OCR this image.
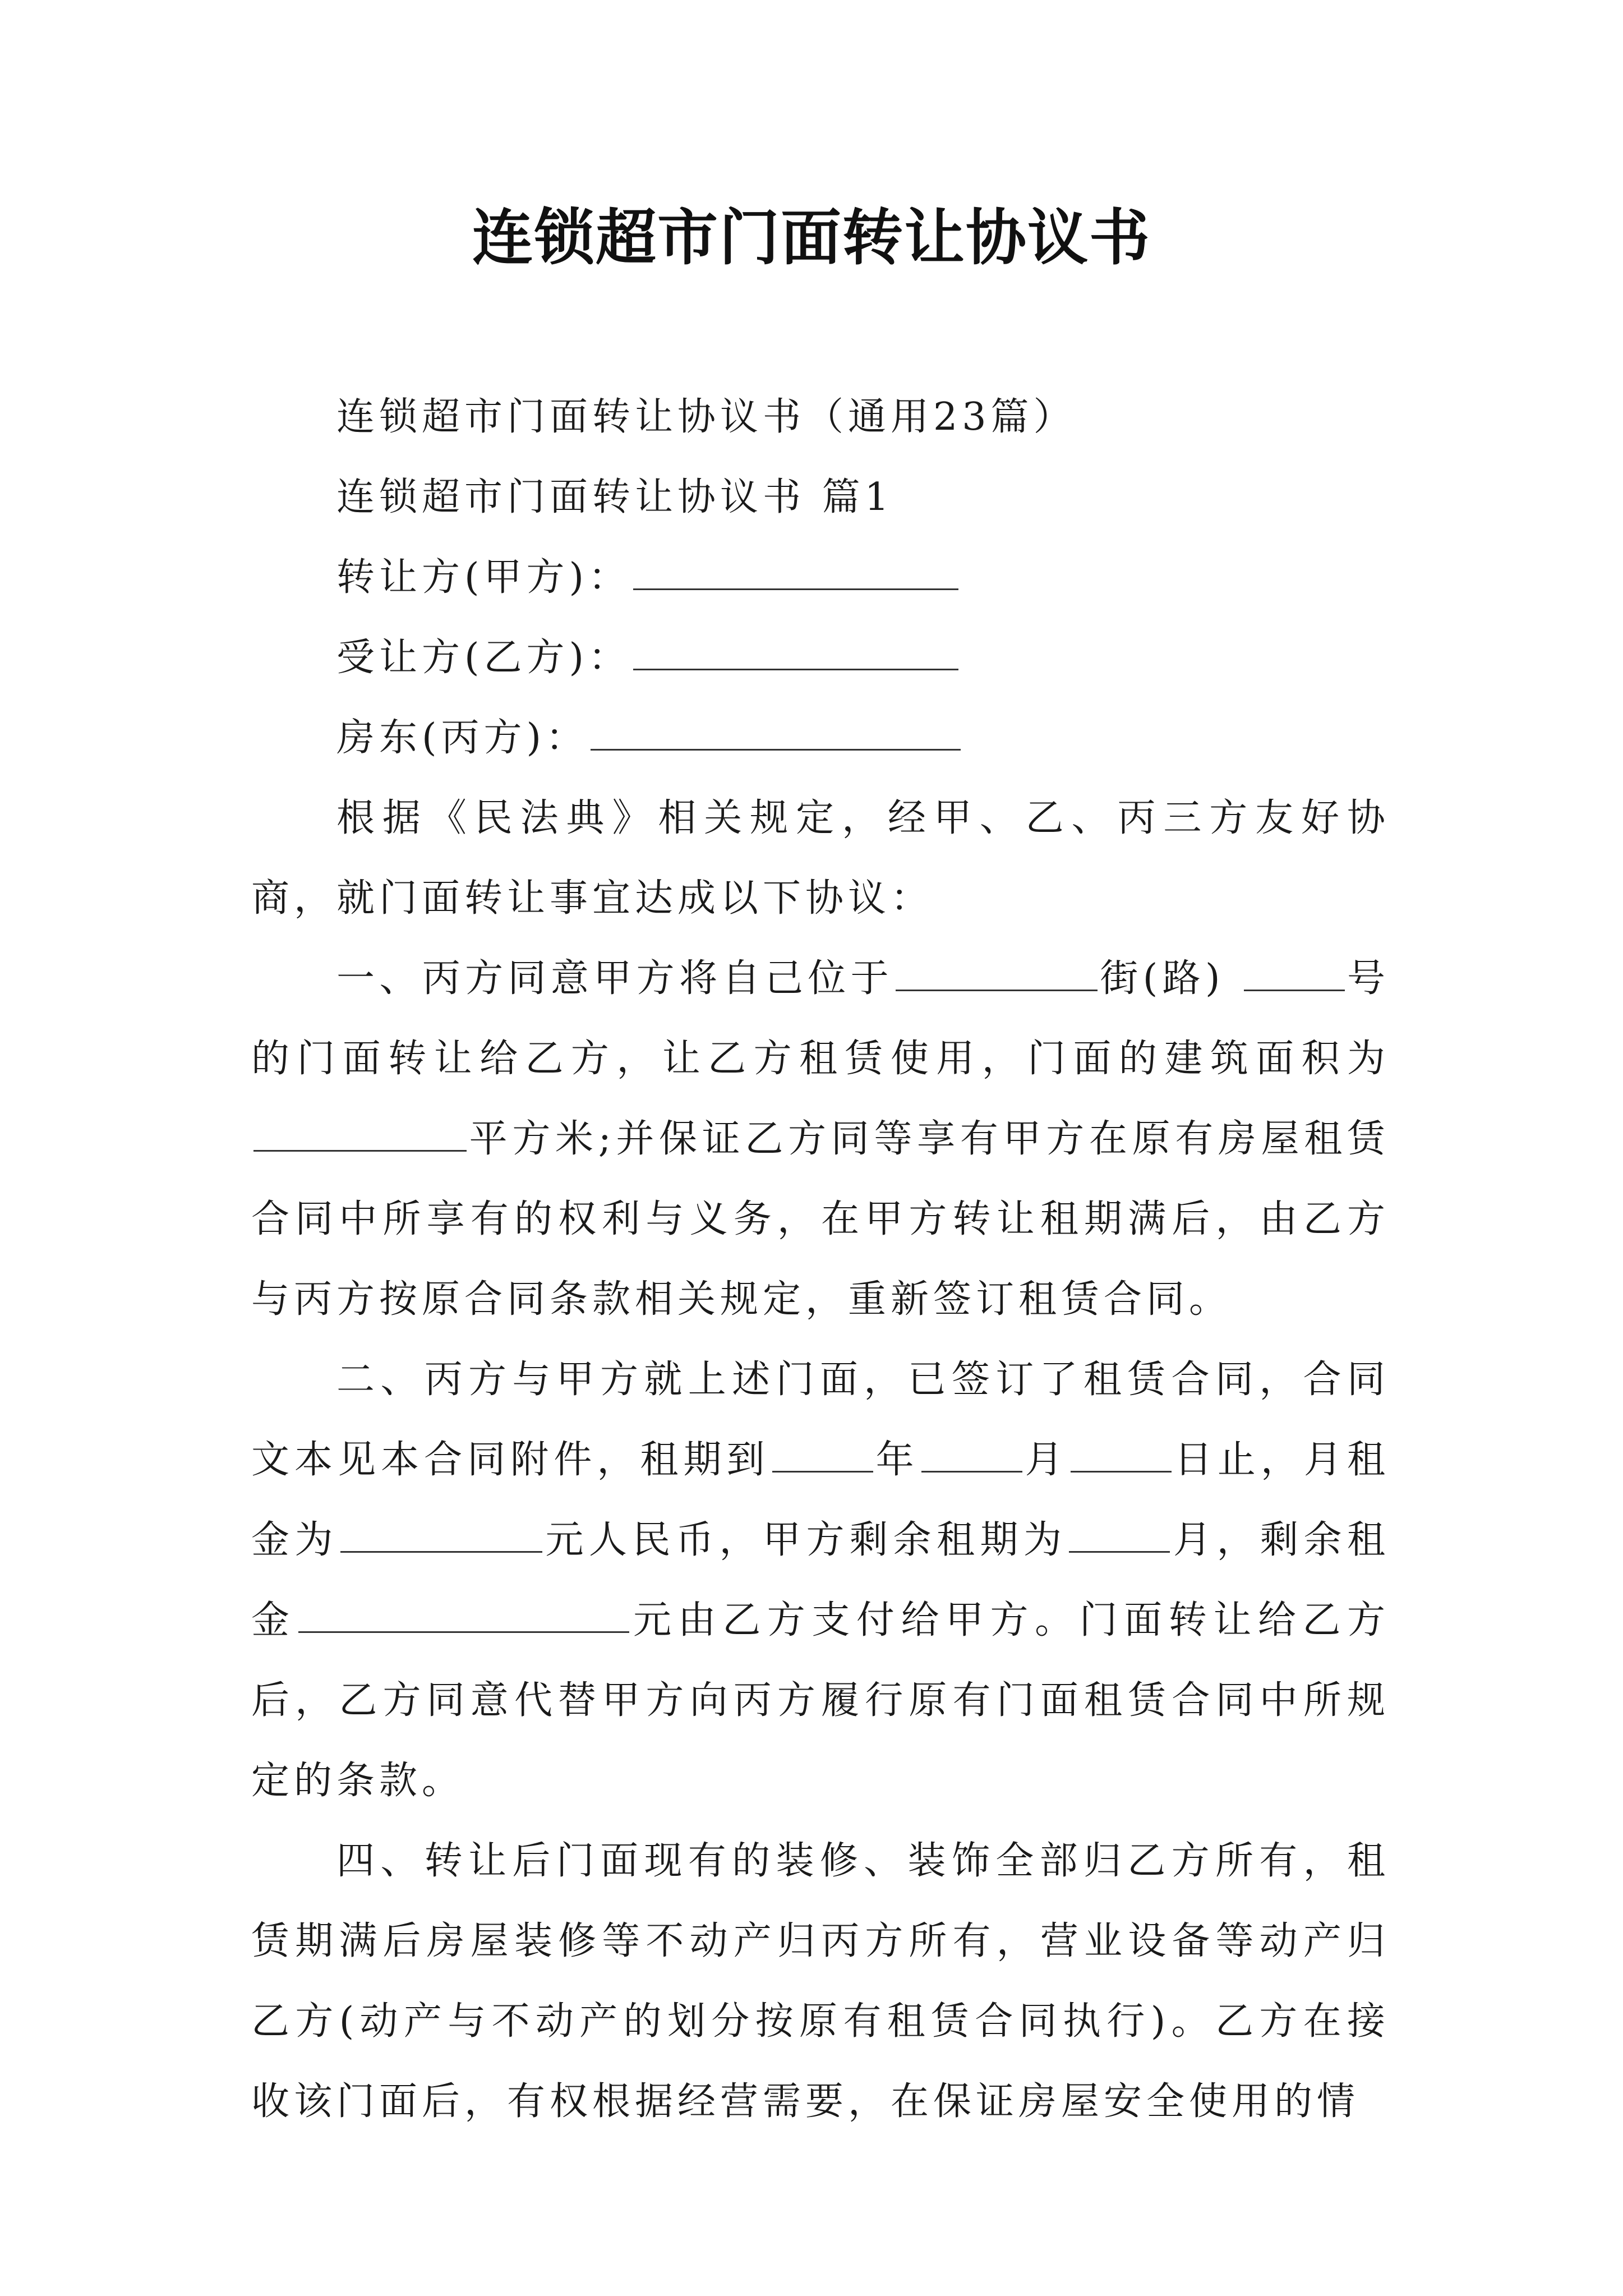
连锁超市门面转让协议书

连锁超市门面转让协议书（通用23篇）

连锁超市门面转让协议书 篇1

转让方(甲方)：

受让方(乙方)：

房东(丙方)：

根据《民法典》相关规定，经甲、乙、丙三方友好协商，就门面转让事宜达成以下协议：

一、丙方同意甲方将自己位于	街(路)	号的门面转让给乙方，让乙方租赁使用，门面的建筑面积为平方米;并保证乙方同等享有甲方在原有房屋租赁合同中所享有的权利与义务，在甲方转让租期满后，由乙方与丙方按原合同条款相关规定，重新签订租赁合同。

二、丙方与甲方就上述门面，已签订了租赁合同，合同文本见本合同附件，租期到	年	月	日止，月租金为	元人民币，甲方剩余租期为	月，剩余租金	元由乙方支付给甲方。门面转让给乙方后，乙方同意代替甲方向丙方履行原有门面租赁合同中所规定的条款。

四、转让后门面现有的装修、装饰全部归乙方所有，租赁期满后房屋装修等不动产归丙方所有，营业设备等动产归乙方(动产与不动产的划分按原有租赁合同执行)。乙方在接收该门面后，有权根据经营需要，在保证房屋安全使用的情
